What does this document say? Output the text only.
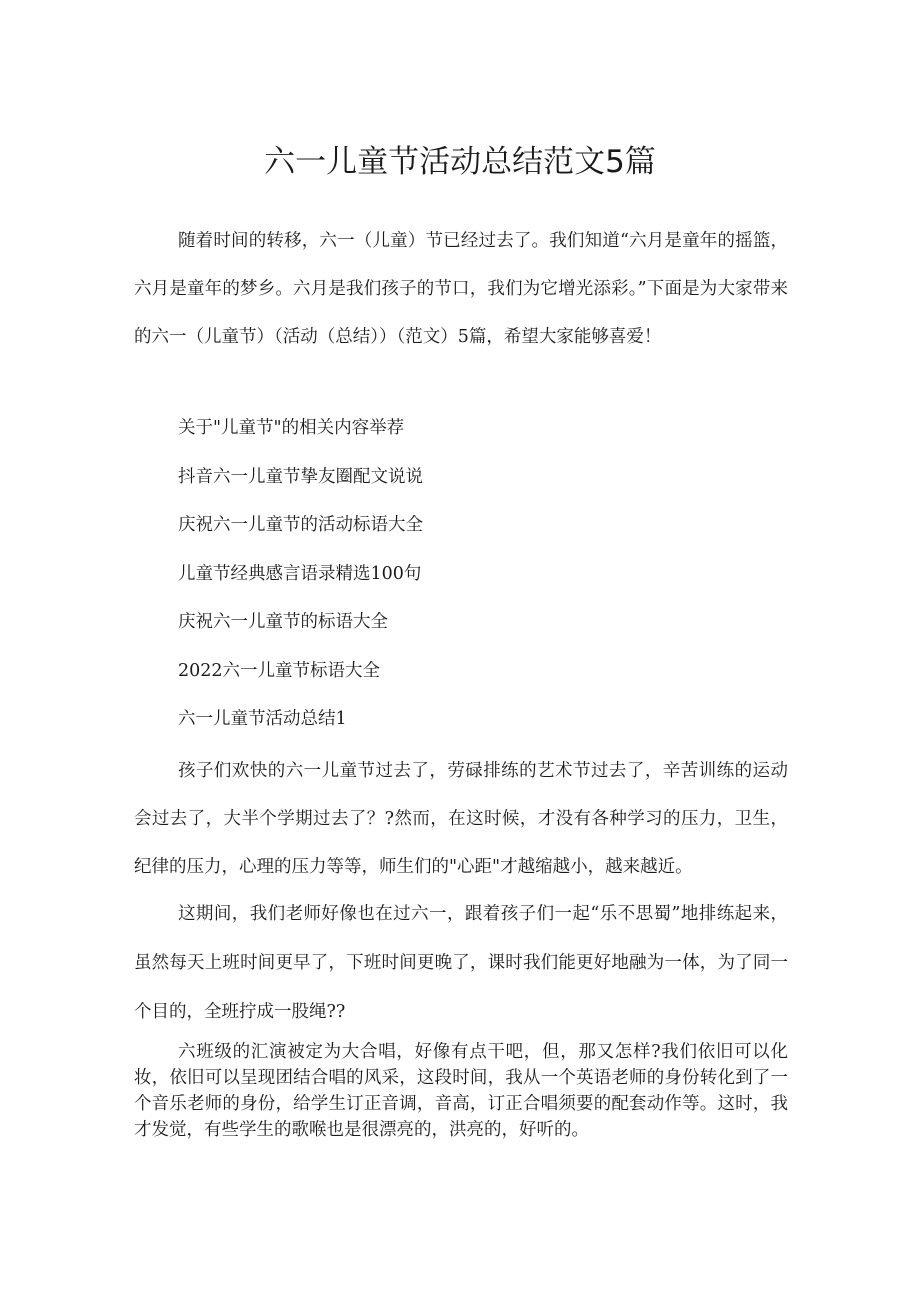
六一儿童节活动总结范文5篇

随着时间的转移，六一（儿童）节已经过去了。我们知道“六月是童年的摇篮，六月是童年的梦乡。六月是我们孩子的节口，我们为它增光添彩。”下面是为大家带来的六一（儿童节）（活动（总结））（范文）5篇，希望大家能够喜爱！

关于"儿童节"的相关内容举荐

抖音六一儿童节挚友圈配文说说

庆祝六一儿童节的活动标语大全

儿童节经典感言语录精选100句

庆祝六一儿童节的标语大全

2022六一儿童节标语大全

六一儿童节活动总结1

孩子们欢快的六一儿童节过去了，劳碌排练的艺术节过去了，辛苦训练的运动会过去了，大半个学期过去了？?然而，在这时候，才没有各种学习的压力，卫生，纪律的压力，心理的压力等等，师生们的"心距"才越缩越小，越来越近。

这期间，我们老师好像也在过六一，跟着孩子们一起“乐不思蜀”地排练起来，虽然每天上班时间更早了，下班时间更晚了，课时我们能更好地融为一体，为了同一个目的，全班拧成一股绳??

六班级的汇演被定为大合唱，好像有点干吧，但，那又怎样?我们依旧可以化妆，依旧可以呈现团结合唱的风采，这段时间，我从一个英语老师的身份转化到了一个音乐老师的身份，给学生订正音调，音高，订正合唱须要的配套动作等。这时，我才发觉，有些学生的歌喉也是很漂亮的，洪亮的，好听的。
